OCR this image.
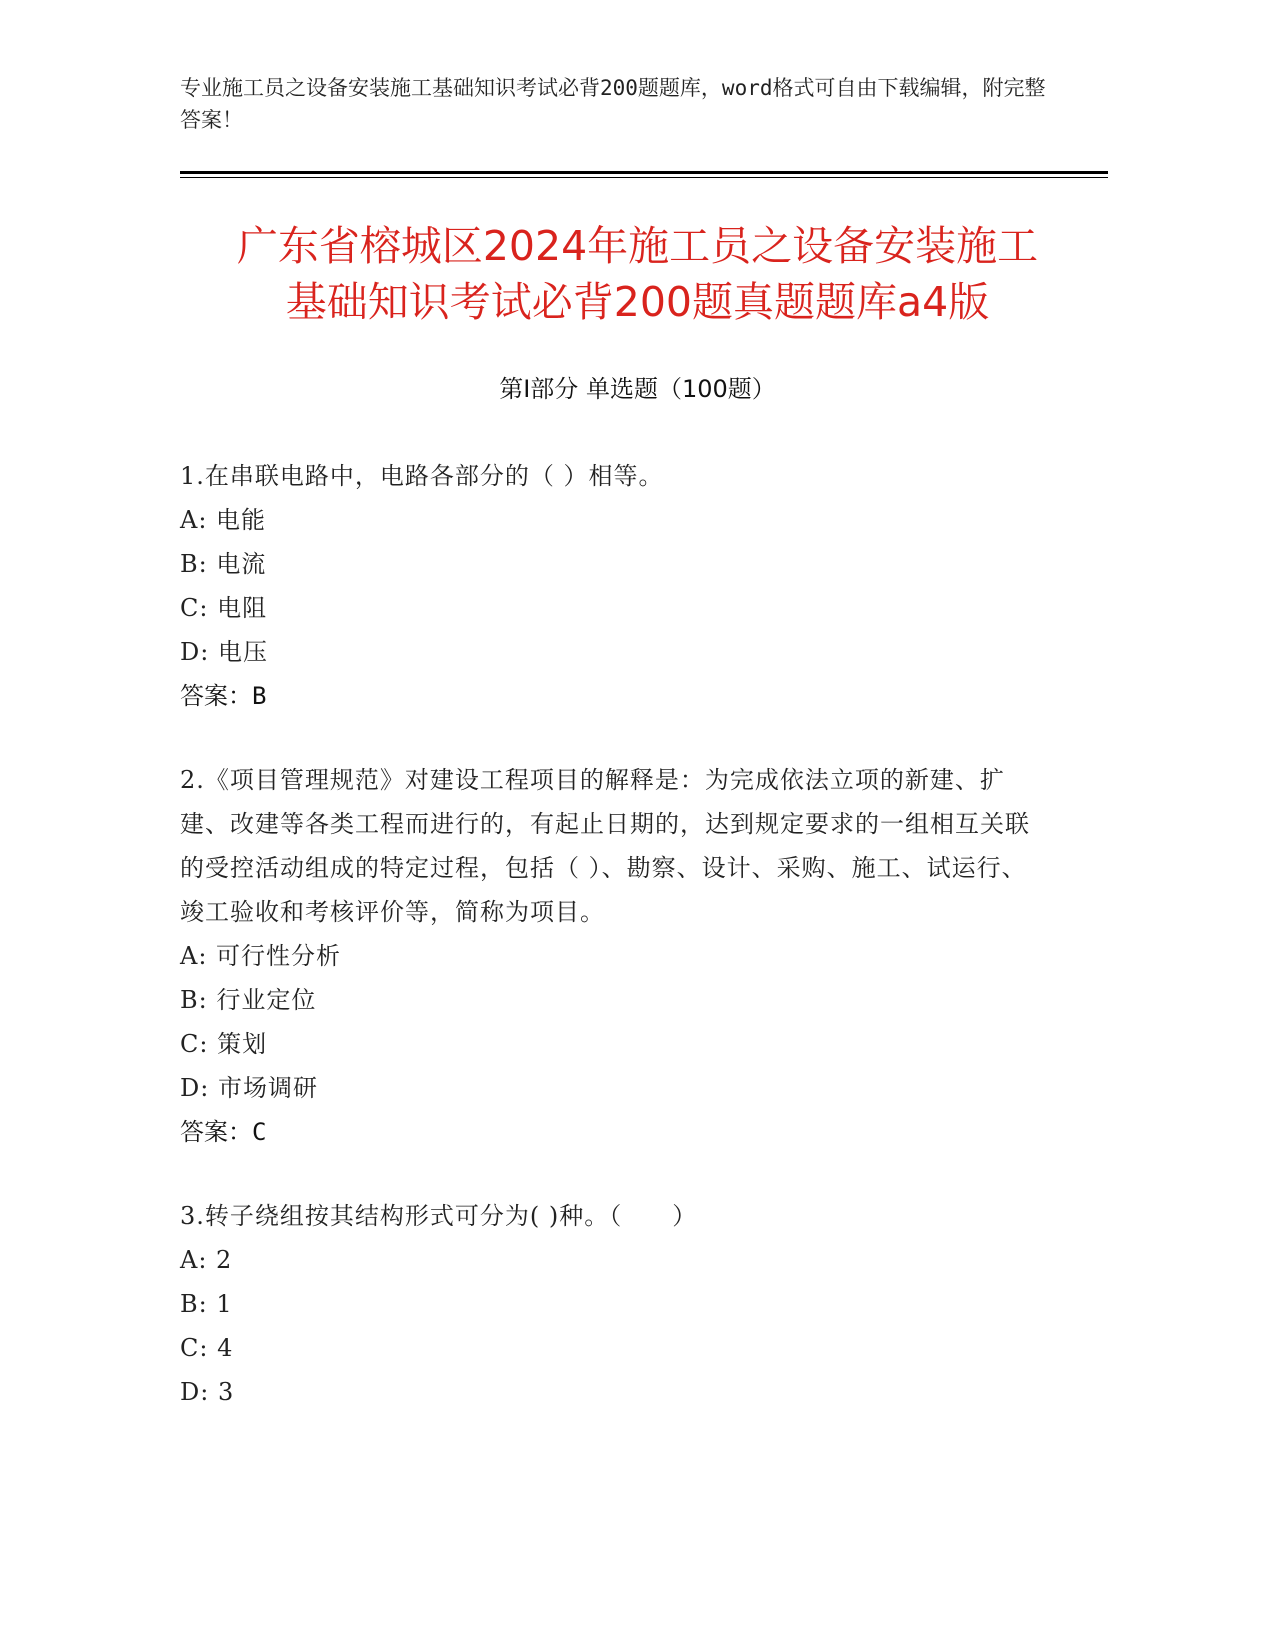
专业施工员之设备安装施工基础知识考试必背200题题库，word格式可自由下载编辑，附完整答案！
广东省榕城区2024年施工员之设备安装施工
基础知识考试必背200题真题题库a4版
第I部分 单选题（100题）
1.在串联电路中，电路各部分的（ ）相等。
A: 电能
B: 电流
C: 电阻
D: 电压
答案：B
2.《项目管理规范》对建设工程项目的解释是：为完成依法立项的新建、扩建、改建等各类工程而进行的，有起止日期的，达到规定要求的一组相互关联的受控活动组成的特定过程，包括（ ）、勘察、设计、采购、施工、试运行、竣工验收和考核评价等，简称为项目。
A: 可行性分析
B: 行业定位
C: 策划
D: 市场调研
答案：C
3.转子绕组按其结构形式可分为( )种。（　　）
A: 2
B: 1
C: 4
D: 3
